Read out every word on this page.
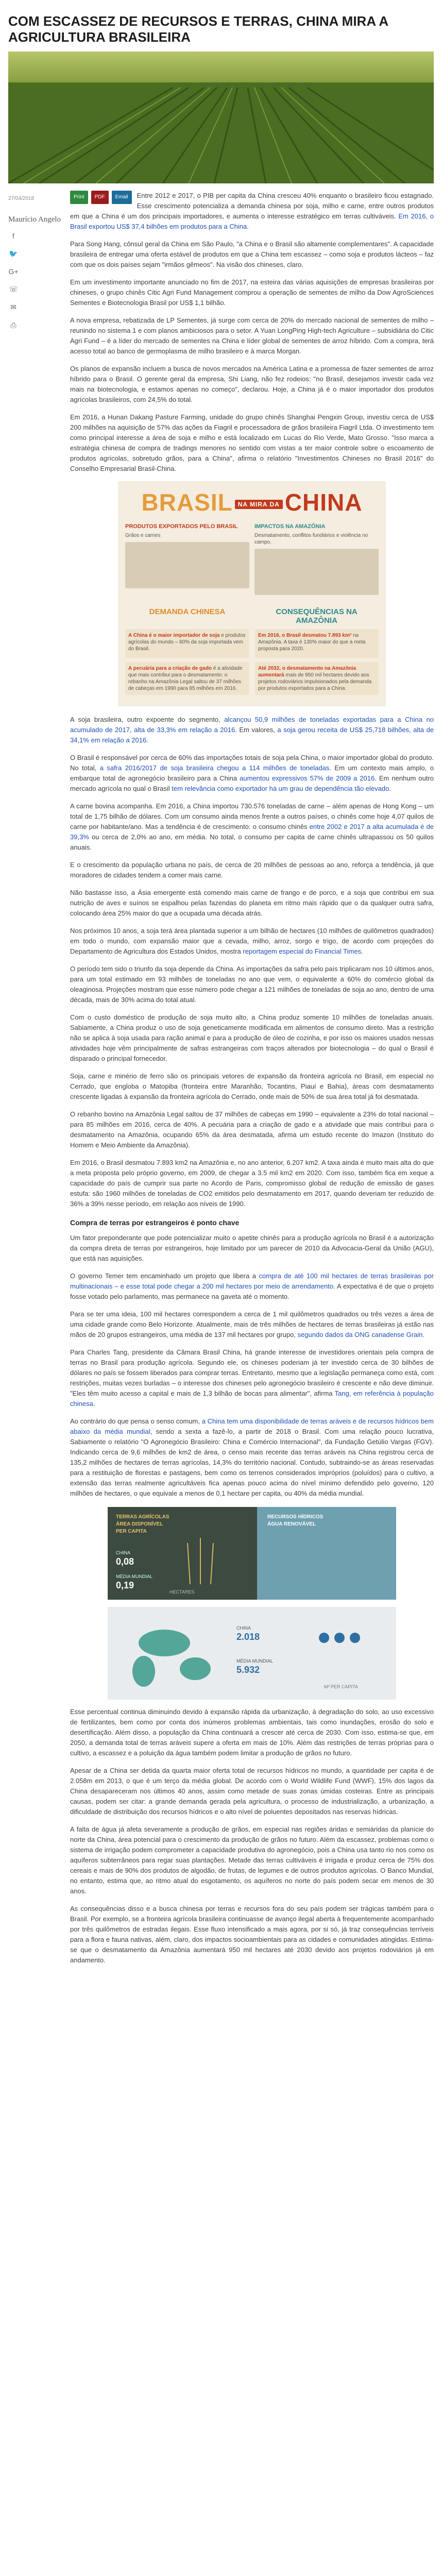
COM ESCASSEZ DE RECURSOS E TERRAS, CHINA MIRA A AGRICULTURA BRASILEIRA
27/04/2018
Maurício Angelo
f
🐦
G+
☏
✉
⎙

Print	PDF	Email	Entre 2012 e 2017, o PIB per capita da China cresceu 40% enquanto o brasileiro ficou estagnado. Esse crescimento potencializa a demanda chinesa por soja, milho e carne, entre outros produtos em que a China é um dos principais importadores, e aumenta o interesse estratégico em terras cultiváveis. Em 2016, o Brasil exportou US$ 37,4 bilhões em produtos para a China.

Para Song Hang, cônsul geral da China em São Paulo, "a China e o Brasil são altamente complementares". A capacidade brasileira de entregar uma oferta estável de produtos em que a China tem escassez – como soja e produtos lácteos – faz com que os dois países sejam "irmãos gêmeos". Na visão dos chineses, claro.

Em um investimento importante anunciado no fim de 2017, na esteira das várias aquisições de empresas brasileiras por chineses, o grupo chinês Citic Agri Fund Management comprou a operação de sementes de milho da Dow AgroSciences Sementes e Biotecnologia Brasil por US$ 1,1 bilhão.

A nova empresa, rebatizada de LP Sementes, já surge com cerca de 20% do mercado nacional de sementes de milho – reunindo no sistema 1 e com planos ambiciosos para o setor. A Yuan LongPing High-tech Agriculture – subsidiária do Citic Agri Fund – é a líder do mercado de sementes na China e líder global de sementes de arroz híbrido. Com a compra, terá acesso total ao banco de germoplasma de milho brasileiro e à marca Morgan.

Os planos de expansão incluem a busca de novos mercados na América Latina e a promessa de fazer sementes de arroz híbrido para o Brasil. O gerente geral da empresa, Shi Liang, não fez rodeios: "no Brasil, desejamos investir cada vez mais na biotecnologia, e estamos apenas no começo", declarou. Hoje, a China já é o maior importador dos produtos agrícolas brasileiros, com 24,5% do total.

Em 2016, a Hunan Dakang Pasture Farming, unidade do grupo chinês Shanghai Pengxin Group, investiu cerca de US$ 200 milhões na aquisição de 57% das ações da Fiagril e processadora de grãos brasileira Fiagril Ltda. O investimento tem como principal interesse a área de soja e milho e está localizado em Lucas do Rio Verde, Mato Grosso. "Isso marca a estratégia chinesa de compra de tradings menores no sentido com vistas a ter maior controle sobre o escoamento de produtos agrícolas, sobretudo grãos, para a China", afirma o relatório "Investimentos Chineses no Brasil 2016" do Conselho Empresarial Brasil-China.

BRASIL NA MIRA DA CHINA
PRODUTOS EXPORTADOS PELO BRASIL
Grãos e carnes
IMPACTOS NA AMAZÔNIA
Desmatamento, conflitos fundiários e violência no campo.
DEMANDA CHINESA	CONSEQUÊNCIAS NA AMAZÔNIA
A China é o maior importador de soja e produtos agrícolas do mundo – 60% da soja importada vem do Brasil.
Em 2016, o Brasil desmatou 7.893 km² na Amazônia. A taxa é 130% maior do que a meta proposta para 2020.
A pecuária para a criação de gado é a atividade que mais contribui para o desmatamento: o rebanho na Amazônia Legal saltou de 37 milhões de cabeças em 1990 para 85 milhões em 2016.
Até 2032, o desmatamento na Amazônia aumentará mais de 950 mil hectares devido aos projetos rodoviários impulsionados pela demanda por produtos exportados para a China.

A soja brasileira, outro expoente do segmento, alcançou 50,9 milhões de toneladas exportadas para a China no acumulado de 2017, alta de 33,3% em relação a 2016. Em valores, a soja gerou receita de US$ 25,718 bilhões, alta de 34,1% em relação a 2016.

O Brasil é responsável por cerca de 60% das importações totais de soja pela China, o maior importador global do produto. No total, a safra 2016/2017 de soja brasileira chegou a 114 milhões de toneladas. Em um contexto mais amplo, o embarque total de agronegócio brasileiro para a China aumentou expressivos 57% de 2009 a 2016. Em nenhum outro mercado agrícola no qual o Brasil tem relevância como exportador há um grau de dependência tão elevado.

A carne bovina acompanha. Em 2016, a China importou 730.576 toneladas de carne – além apenas de Hong Kong – um total de 1,75 bilhão de dólares. Com um consumo ainda menos frente a outros países, o chinês come hoje 4,07 quilos de carne por habitante/ano. Mas a tendência é de crescimento: o consumo chinês entre 2002 e 2017 a alta acumulada é de 39,3% ou cerca de 2,0% ao ano, em média. No total, o consumo per capita de carne chinês ultrapassou os 50 quilos anuais.

E o crescimento da população urbana no país, de cerca de 20 milhões de pessoas ao ano, reforça a tendência, já que moradores de cidades tendem a comer mais carne.

Não bastasse isso, a Ásia emergente está comendo mais carne de frango e de porco, e a soja que contribui em sua nutrição de aves e suínos se espalhou pelas fazendas do planeta em ritmo mais rápido que o da qualquer outra safra, colocando área 25% maior do que a ocupada uma década atrás.

Nos próximos 10 anos, a soja terá área plantada superior a um bilhão de hectares (10 milhões de quilômetros quadrados) em todo o mundo, com expansão maior que a cevada, milho, arroz, sorgo e trigo, de acordo com projeções do Departamento de Agricultura dos Estados Unidos, mostra reportagem especial do Financial Times.

O período tem sido o triunfo da soja depende da China. As importações da safra pelo país triplicaram nos 10 últimos anos, para um total estimado em 93 milhões de toneladas no ano que vem, o equivalente a 60% do comércio global da oleaginosa. Projeções mostram que esse número pode chegar a 121 milhões de toneladas de soja ao ano, dentro de uma década, mais de 30% acima do total atual.

Com o custo doméstico de produção de soja muito alto, a China produz somente 10 milhões de toneladas anuais. Sabiamente, a China produz o uso de soja geneticamente modificada em alimentos de consumo direto. Mas a restrição não se aplica à soja usada para ração animal e para a produção de óleo de cozinha, e por isso os maiores usados nessas atividades hoje vêm principalmente de safras estrangeiras com traços alterados por biotecnologia – do qual o Brasil é disparado o principal fornecedor.

Soja, carne e minério de ferro são os principais vetores de expansão da fronteira agrícola no Brasil, em especial no Cerrado, que engloba o Matopiba (fronteira entre Maranhão, Tocantins, Piauí e Bahia), áreas com desmatamento crescente ligadas à expansão da fronteira agrícola do Cerrado, onde mais de 50% de sua área total já foi desmatada.

O rebanho bovino na Amazônia Legal saltou de 37 milhões de cabeças em 1990 – equivalente a 23% do total nacional – para 85 milhões em 2016, cerca de 40%. A pecuária para a criação de gado e a atividade que mais contribui para o desmatamento na Amazônia, ocupando 65% da área desmatada, afirma um estudo recente do Imazon (Instituto do Homem e Meio Ambiente da Amazônia).

Em 2016, o Brasil desmatou 7.893 km2 na Amazônia e, no ano anterior, 6.207 km2. A taxa ainda é muito mais alta do que a meta proposta pelo próprio governo, em 2009, de chegar a 3.5 mil km2 em 2020. Com isso, também fica em xeque a capacidade do país de cumprir sua parte no Acordo de Paris, compromisso global de redução de emissão de gases estufa: são 1960 milhões de toneladas de CO2 emitidos pelo desmatamento em 2017, quando deveriam ter reduzido de 36% a 39% nesse período, em relação aos níveis de 1990.

Compra de terras por estrangeiros é ponto chave

Um fator preponderante que pode potencializar muito o apetite chinês para a produção agrícola no Brasil é a autorização da compra direta de terras por estrangeiros, hoje limitado por um parecer de 2010 da Advocacia-Geral da União (AGU), que está nas aquisições.

O governo Temer tem encaminhado um projeto que libera a compra de até 100 mil hectares de terras brasileiras por multinacionais – e esse total pode chegar a 200 mil hectares por meio de arrendamento. A expectativa é de que o projeto fosse votado pelo parlamento, mas permanece na gaveta até o momento.

Para se ter uma ideia, 100 mil hectares correspondem a cerca de 1 mil quilômetros quadrados ou três vezes a área de uma cidade grande como Belo Horizonte. Atualmente, mais de três milhões de hectares de terras brasileiras já estão nas mãos de 20 grupos estrangeiros, uma média de 137 mil hectares por grupo, segundo dados da ONG canadense Grain.

Para Charles Tang, presidente da Câmara Brasil China, há grande interesse de investidores orientais pela compra de terras no Brasil para produção agrícola. Segundo ele, os chineses poderiam já ter investido cerca de 30 bilhões de dólares no país se fossem liberados para comprar terras. Entretanto, mesmo que a legislação permaneça como está, com restrições, muitas vezes burladas – o interesse dos chineses pelo agronegócio brasileiro é crescente e não deve diminuir. "Eles têm muito acesso a capital e mais de 1,3 bilhão de bocas para alimentar", afirma Tang, em referência à população chinesa.

Ao contrário do que pensa o senso comum, a China tem uma disponibilidade de terras aráveis e de recursos hídricos bem abaixo da média mundial, sendo a sexta a fazê-lo, a partir de 2018 o Brasil. Com uma relação pouco lucrativa, Sabiamente o relatório "O Agronegócio Brasileiro: China e Comércio Internacional", da Fundação Getúlio Vargas (FGV). Indicando cerca de 9,6 milhões de km2 de área, o censo mais recente das terras aráveis na China registrou cerca de 135,2 milhões de hectares de terras agrícolas, 14,3% do território nacional. Contudo, subtraindo-se as áreas reservadas para a restituição de florestas e pastagens, bem como os terrenos considerados impróprios (poluídos) para o cultivo, a extensão das terras realmente agricultáveis fica apenas pouco acima do nível mínimo defendido pelo governo, 120 milhões de hectares, o que equivale a menos de 0,1 hectare per capita, ou 40% da média mundial.

TERRAS AGRÍCOLAS
ÁREA DISPONÍVEL
PER CAPITA
CHINA
0,08
MÉDIA MUNDIAL
0,19
HECTARES
RECURSOS HÍDRICOS
ÁGUA RENOVÁVEL
CHINA
2.018
MÉDIA MUNDIAL
5.932
M³ PER CAPITA

Esse percentual continua diminuindo devido à expansão rápida da urbanização, à degradação do solo, ao uso excessivo de fertilizantes, bem como por conta dos inúmeros problemas ambientais, tais como inundações, erosão do solo e desertificação. Além disso, a população da China continuará a crescer até cerca de 2030. Com isso, estima-se que, em 2050, a demanda total de terras aráveis supere a oferta em mais de 10%. Além das restrições de terras próprias para o cultivo, a escassez e a poluição da água também podem limitar a produção de grãos no futuro.

Apesar de a China ser detida da quarta maior oferta total de recursos hídricos no mundo, a quantidade per capita é de 2.058m em 2013, o que é um terço da média global. De acordo com o World Wildlife Fund (WWF), 15% dos lagos da China desapareceram nos últimos 40 anos, assim como metade de suas zonas úmidas costeiras. Entre as principais causas, podem ser citar: a grande demanda gerada pela agricultura, o processo de industrialização, a urbanização, a dificuldade de distribuição dos recursos hídricos e o alto nível de poluentes depositados nas reservas hídricas.

A falta de água já afeta severamente a produção de grãos, em especial nas regiões áridas e semiáridas da planície do norte da China, área potencial para o crescimento da produção de grãos no futuro. Além da escassez, problemas como o sistema de irrigação podem comprometer a capacidade produtiva do agronegócio, pois a China usa tanto rio nos como os aquíferos subterrâneos para regar suas plantações. Metade das terras cultiváveis é irrigada e produz cerca de 75% dos cereais e mais de 90% dos produtos de algodão, de frutas, de legumes e de outros produtos agrícolas. O Banco Mundial, no entanto, estima que, ao ritmo atual do esgotamento, os aquíferos no norte do país podem secar em menos de 30 anos.

As consequências disso e a busca chinesa por terras e recursos fora do seu país podem ser trágicas também para o Brasil. Por exemplo, se a fronteira agrícola brasileira continuasse de avanço ilegal aberta à frequentemente acompanhado por três quilômetros de estradas ilegais. Esse fluxo intensificado a mais agora, por si só, já traz consequências terríveis para a flora e fauna nativas, além, claro, dos impactos socioambientais para as cidades e comunidades atingidas. Estima-se que o desmatamento da Amazônia aumentará 950 mil hectares até 2030 devido aos projetos rodoviários já em andamento.
